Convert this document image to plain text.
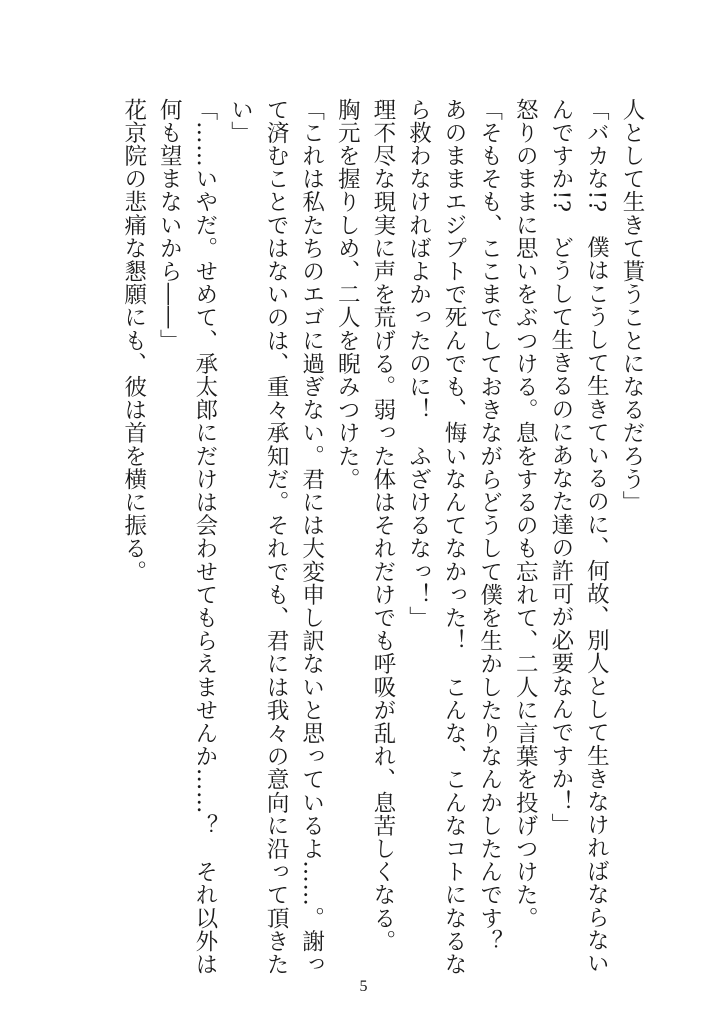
人として生きて貰うことになるだろう」
「バカな!?　僕はこうして生きているのに、何故、別人として生きなければならない
んですか!?　どうして生きるのにあなた達の許可が必要なんですか！」
怒りのままに思いをぶつける。息をするのも忘れて、二人に言葉を投げつけた。
「そもそも、ここまでしておきながらどうして僕を生かしたりなんかしたんです？
あのままエジプトで死んでも、悔いなんてなかった！　こんな、こんなコトになるな
ら救わなければよかったのに！　ふざけるなっ！」
理不尽な現実に声を荒げる。弱った体はそれだけでも呼吸が乱れ、息苦しくなる。
胸元を握りしめ、二人を睨みつけた。
「これは私たちのエゴに過ぎない。君には大変申し訳ないと思っているよ……。謝っ
て済むことではないのは、重々承知だ。それでも、君には我々の意向に沿って頂きた
い」
「……いやだ。せめて、承太郎にだけは会わせてもらえませんか……？　それ以外は
何も望まないから――」
花京院の悲痛な懇願にも、彼は首を横に振る。
5
